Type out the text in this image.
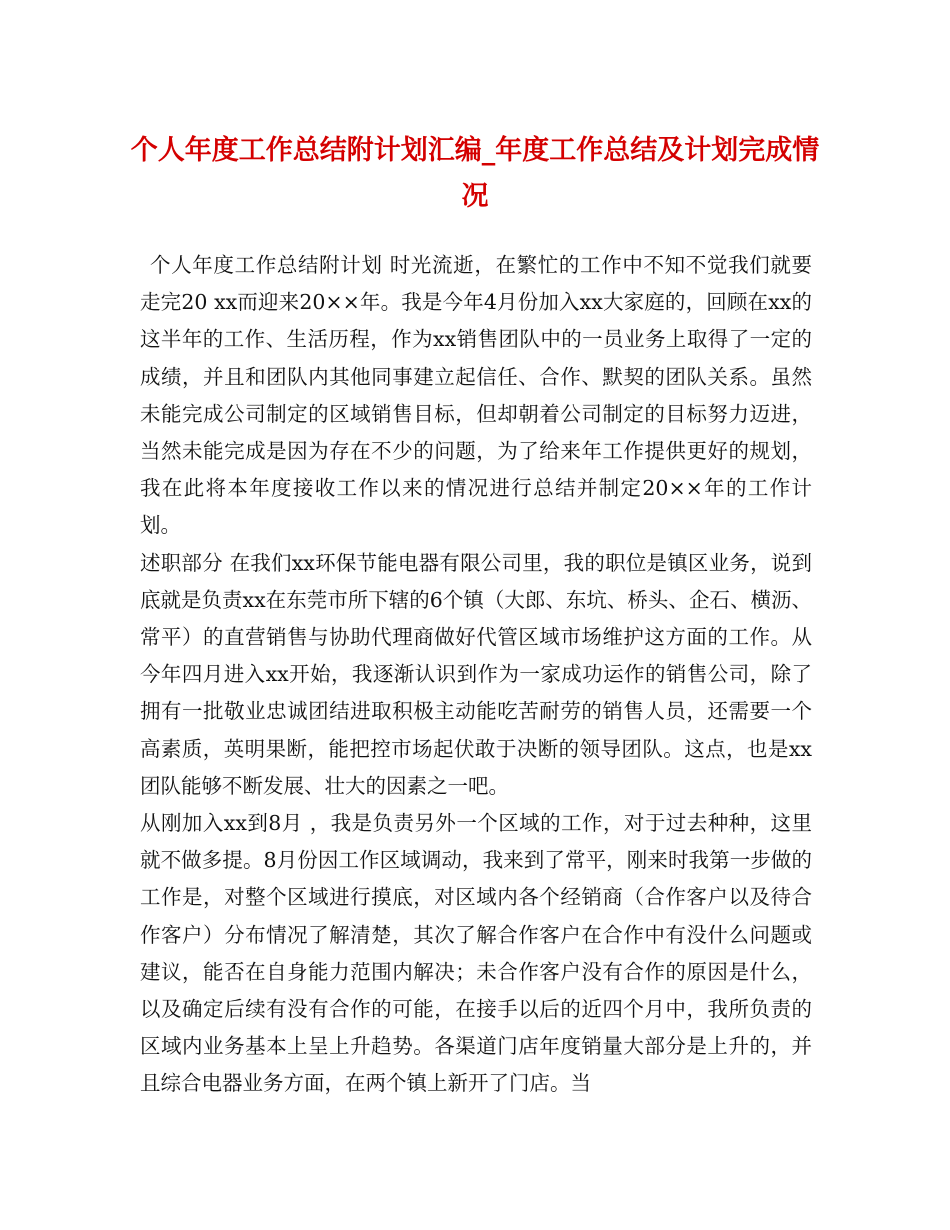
个人年度工作总结附计划汇编_年度工作总结及计划完成情况

个人年度工作总结附计划 时光流逝，在繁忙的工作中不知不觉我们就要走完20 xx而迎来20××年。我是今年4月份加入xx大家庭的，回顾在xx的这半年的工作、生活历程，作为xx销售团队中的一员业务上取得了一定的成绩，并且和团队内其他同事建立起信任、合作、默契的团队关系。虽然未能完成公司制定的区域销售目标，但却朝着公司制定的目标努力迈进，当然未能完成是因为存在不少的问题，为了给来年工作提供更好的规划，我在此将本年度接收工作以来的情况进行总结并制定20××年的工作计划。

述职部分 在我们xx环保节能电器有限公司里，我的职位是镇区业务，说到底就是负责xx在东莞市所下辖的6个镇（大郎、东坑、桥头、企石、横沥、常平）的直营销售与协助代理商做好代管区域市场维护这方面的工作。从今年四月进入xx开始，我逐渐认识到作为一家成功运作的销售公司，除了拥有一批敬业忠诚团结进取积极主动能吃苦耐劳的销售人员，还需要一个高素质，英明果断，能把控市场起伏敢于决断的领导团队。这点，也是xx团队能够不断发展、壮大的因素之一吧。

从刚加入xx到8月 ，我是负责另外一个区域的工作，对于过去种种，这里就不做多提。8月份因工作区域调动，我来到了常平，刚来时我第一步做的工作是，对整个区域进行摸底，对区域内各个经销商（合作客户以及待合作客户）分布情况了解清楚，其次了解合作客户在合作中有没什么问题或建议，能否在自身能力范围内解决；未合作客户没有合作的原因是什么，以及确定后续有没有合作的可能，在接手以后的近四个月中，我所负责的区域内业务基本上呈上升趋势。各渠道门店年度销量大部分是上升的，并且综合电器业务方面，在两个镇上新开了门店。当
